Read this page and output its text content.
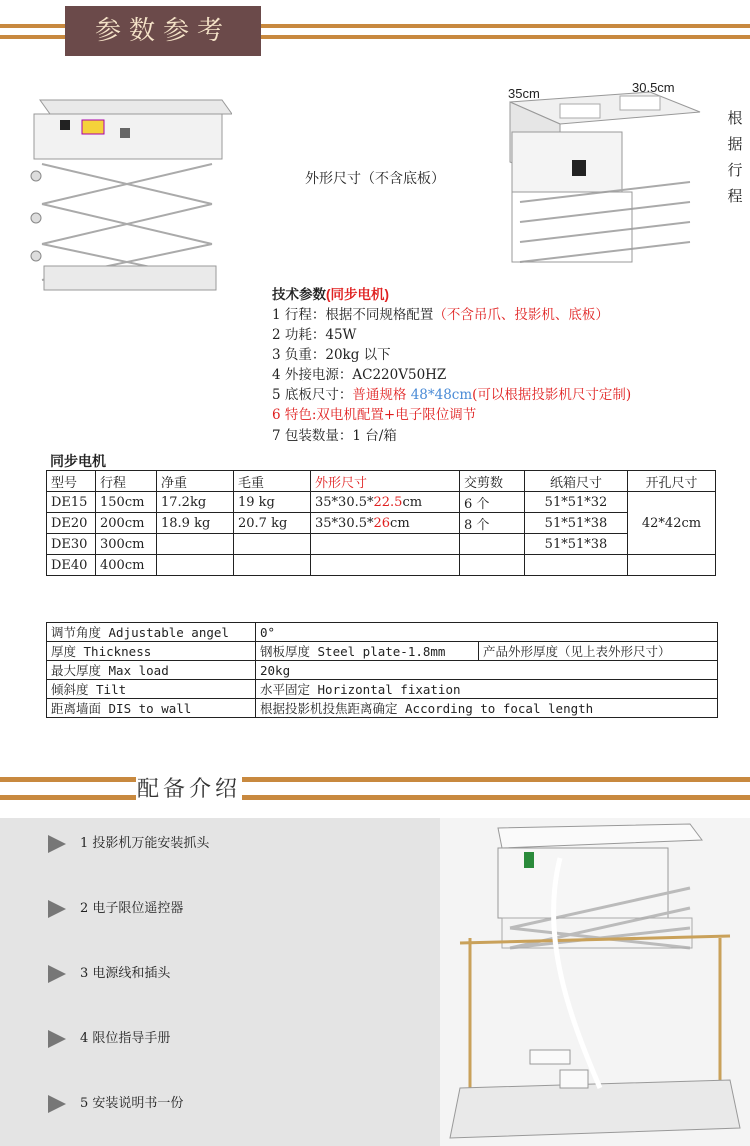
参数参考
35cm	30.5cm
外形尺寸（不含底板）
根
据
行
程
技术参数(同步电机)
1 行程：根据不同规格配置（不含吊爪、投影机、底板）
2 功耗：45W
3 负重：20kg 以下
4 外接电源：AC220V50HZ
5 底板尺寸：普通规格 48*48cm(可以根据投影机尺寸定制)
6 特色:双电机配置+电子限位调节
7 包装数量：1 台/箱
同步电机
型号	行程	净重	毛重	外形尺寸	交剪数	纸箱尺寸	开孔尺寸
DE15	150cm	17.2kg	19 kg	35*30.5*22.5cm	6 个	51*51*32	42*42cm
DE20	200cm	18.9 kg	20.7 kg	35*30.5*26cm	8 个	51*51*38	
DE30	300cm					51*51*38	
DE40	400cm						
调节角度 Adjustable angel	0°	
厚度 Thickness	钢板厚度 Steel plate-1.8mm	产品外形厚度（见上表外形尺寸）
最大厚度 Max load	20kg	
倾斜度 Tilt	水平固定 Horizontal fixation	
距离墙面 DIS to wall	根据投影机投焦距离确定 According to focal length	
配备介绍
1 投影机万能安装抓头
2 电子限位遥控器
3 电源线和插头
4 限位指导手册
5 安装说明书一份
